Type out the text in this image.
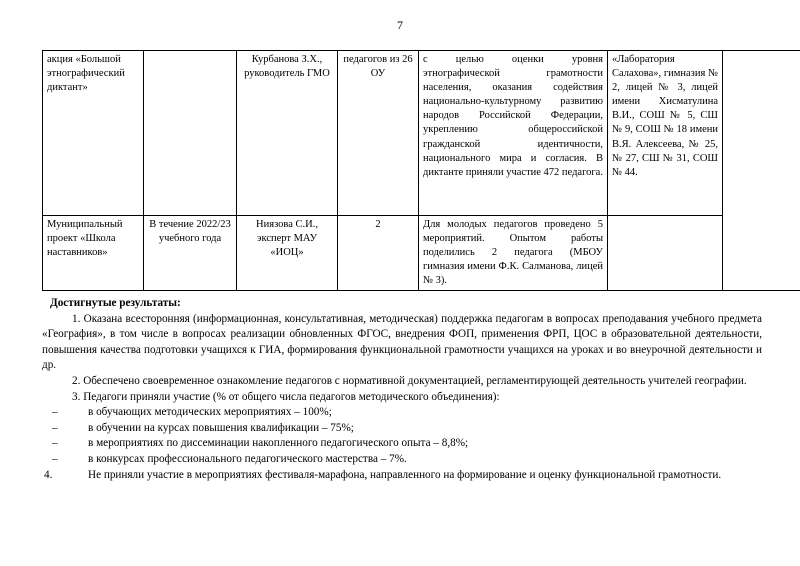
7
акция «Большой этнографический диктант»		Курбанова З.Х., руководитель ГМО	педагогов из 26 ОУ	с целью оценки уровня этнографической грамотности населения, оказания содействия национально-культурному развитию народов Российской Федерации, укреплению общероссийской гражданской идентичности, национального мира и согласия. В диктанте приняли участие 472 педагога.	«Лаборатория Салахова», гимназия № 2, лицей № 3, лицей имени Хисматулина В.И., СОШ № 5, СШ № 9, СОШ № 18 имени В.Я. Алексеева, № 25, № 27, СШ № 31, СОШ № 44.	
Муниципальный проект «Школа наставников»	В течение 2022/23 учебного года	Ниязова С.И., эксперт МАУ «ИОЦ»	2	Для молодых педагогов проведено 5 мероприятий. Опытом работы поделились 2 педагога (МБОУ гимназия имени Ф.К. Салманова, лицей № 3).		

Достигнутые результаты:

1. Оказана всесторонняя (информационная, консультативная, методическая) поддержка педагогам в вопросах преподавания учебного предмета «География», в том числе в вопросах реализации обновленных ФГОС, внедрения ФОП, применения ФРП, ЦОС в образовательной деятельности, повышения качества подготовки учащихся к ГИА, формирования функциональной грамотности учащихся на уроках и во внеурочной деятельности и др.

2. Обеспечено своевременное ознакомление педагогов с нормативной документацией, регламентирующей деятельность учителей географии.

3. Педагоги приняли участие (% от общего числа педагогов методического объединения):

–	в обучающих методических мероприятиях – 100%;
–	в обучении на курсах повышения квалификации – 75%;
–	в мероприятиях по диссеминации накопленного педагогического опыта – 8,8%;
–	в конкурсах профессионального педагогического мастерства – 7%.

4.	Не приняли участие в мероприятиях фестиваля-марафона, направленного на формирование и оценку функциональной грамотности.
